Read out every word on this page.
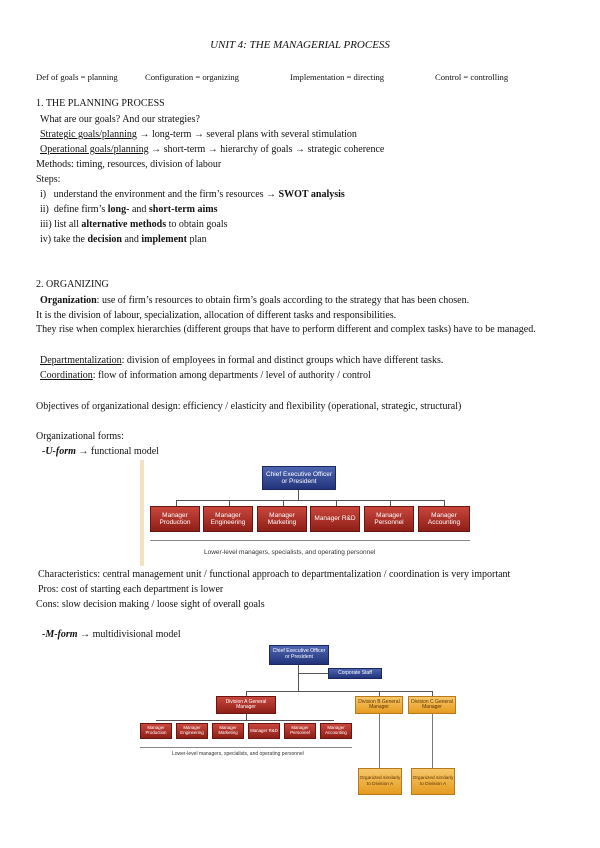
UNIT 4: THE MANAGERIAL PROCESS
Def of goals = planning	Configuration = organizing	Implementation = directing	Control = controlling
1. THE PLANNING PROCESS
What are our goals? And our strategies?
Strategic goals/planning → long-term → several plans with several stimulation
Operational goals/planning → short-term → hierarchy of goals → strategic coherence
Methods: timing, resources, division of labour
Steps:
i)   understand the environment and the firm’s resources → SWOT analysis
ii)  define firm’s long- and short-term aims
iii) list all alternative methods to obtain goals
iv) take the decision and implement plan
2. ORGANIZING
Organization: use of firm’s resources to obtain firm’s goals according to the strategy that has been chosen.
It is the division of labour, specialization, allocation of different tasks and responsibilities.
They rise when complex hierarchies (different groups that have to perform different and complex tasks) have to be managed.
Departmentalization: division of employees in formal and distinct groups which have different tasks.
Coordination: flow of information among departments / level of authority / control
Objectives of organizational design: efficiency / elasticity and flexibility (operational, strategic, structural)
Organizational forms:
-U-form → functional model
Chief Executive Officer or President
Manager Production
Manager Engineering
Manager Marketing
Manager R&D
Manager Personnel
Manager Accounting
Lower-level managers, specialists, and operating personnel
Characteristics: central management unit / functional approach to departmentalization / coordination is very important
Pros: cost of starting each department is lower
Cons: slow decision making / loose sight of overall goals
-M-form → multidivisional model
Chief Executive Officer or President
Corporate Staff
Division A General Manager
Division B General Manager
Division C General Manager
Manager Production
Manager Engineering
Manager Marketing	Manager R&D	Manager Personnel
Manager Accounting
Lower-level managers, specialists, and operating personnel
Organized similarly to Division A
Organized similarly to Division A
